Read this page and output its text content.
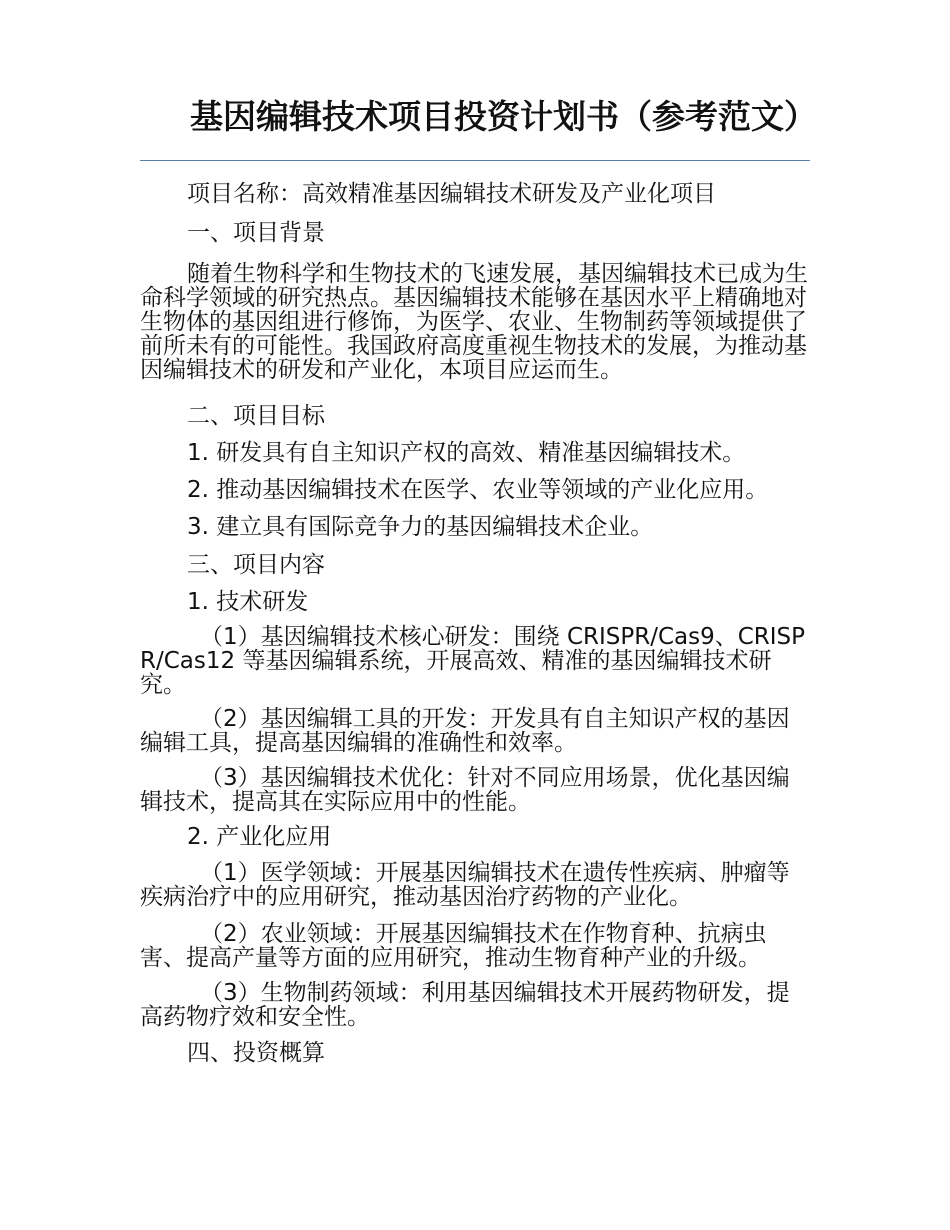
基因编辑技术项目投资计划书（参考范文）
项目名称：高效精准基因编辑技术研发及产业化项目
一、项目背景
随着生物科学和生物技术的飞速发展，基因编辑技术已成为生命科学领域的研究热点。基因编辑技术能够在基因水平上精确地对生物体的基因组进行修饰，为医学、农业、生物制药等领域提供了前所未有的可能性。我国政府高度重视生物技术的发展，为推动基因编辑技术的研发和产业化，本项目应运而生。
二、项目目标
1. 研发具有自主知识产权的高效、精准基因编辑技术。
2. 推动基因编辑技术在医学、农业等领域的产业化应用。
3. 建立具有国际竞争力的基因编辑技术企业。
三、项目内容
1. 技术研发
（1）基因编辑技术核心研发：围绕 CRISPR/Cas9、CRISPR/Cas12 等基因编辑系统，开展高效、精准的基因编辑技术研究。
（2）基因编辑工具的开发：开发具有自主知识产权的基因编辑工具，提高基因编辑的准确性和效率。
（3）基因编辑技术优化：针对不同应用场景，优化基因编辑技术，提高其在实际应用中的性能。
2. 产业化应用
（1）医学领域：开展基因编辑技术在遗传性疾病、肿瘤等疾病治疗中的应用研究，推动基因治疗药物的产业化。
（2）农业领域：开展基因编辑技术在作物育种、抗病虫害、提高产量等方面的应用研究，推动生物育种产业的升级。
（3）生物制药领域：利用基因编辑技术开展药物研发，提高药物疗效和安全性。
四、投资概算
